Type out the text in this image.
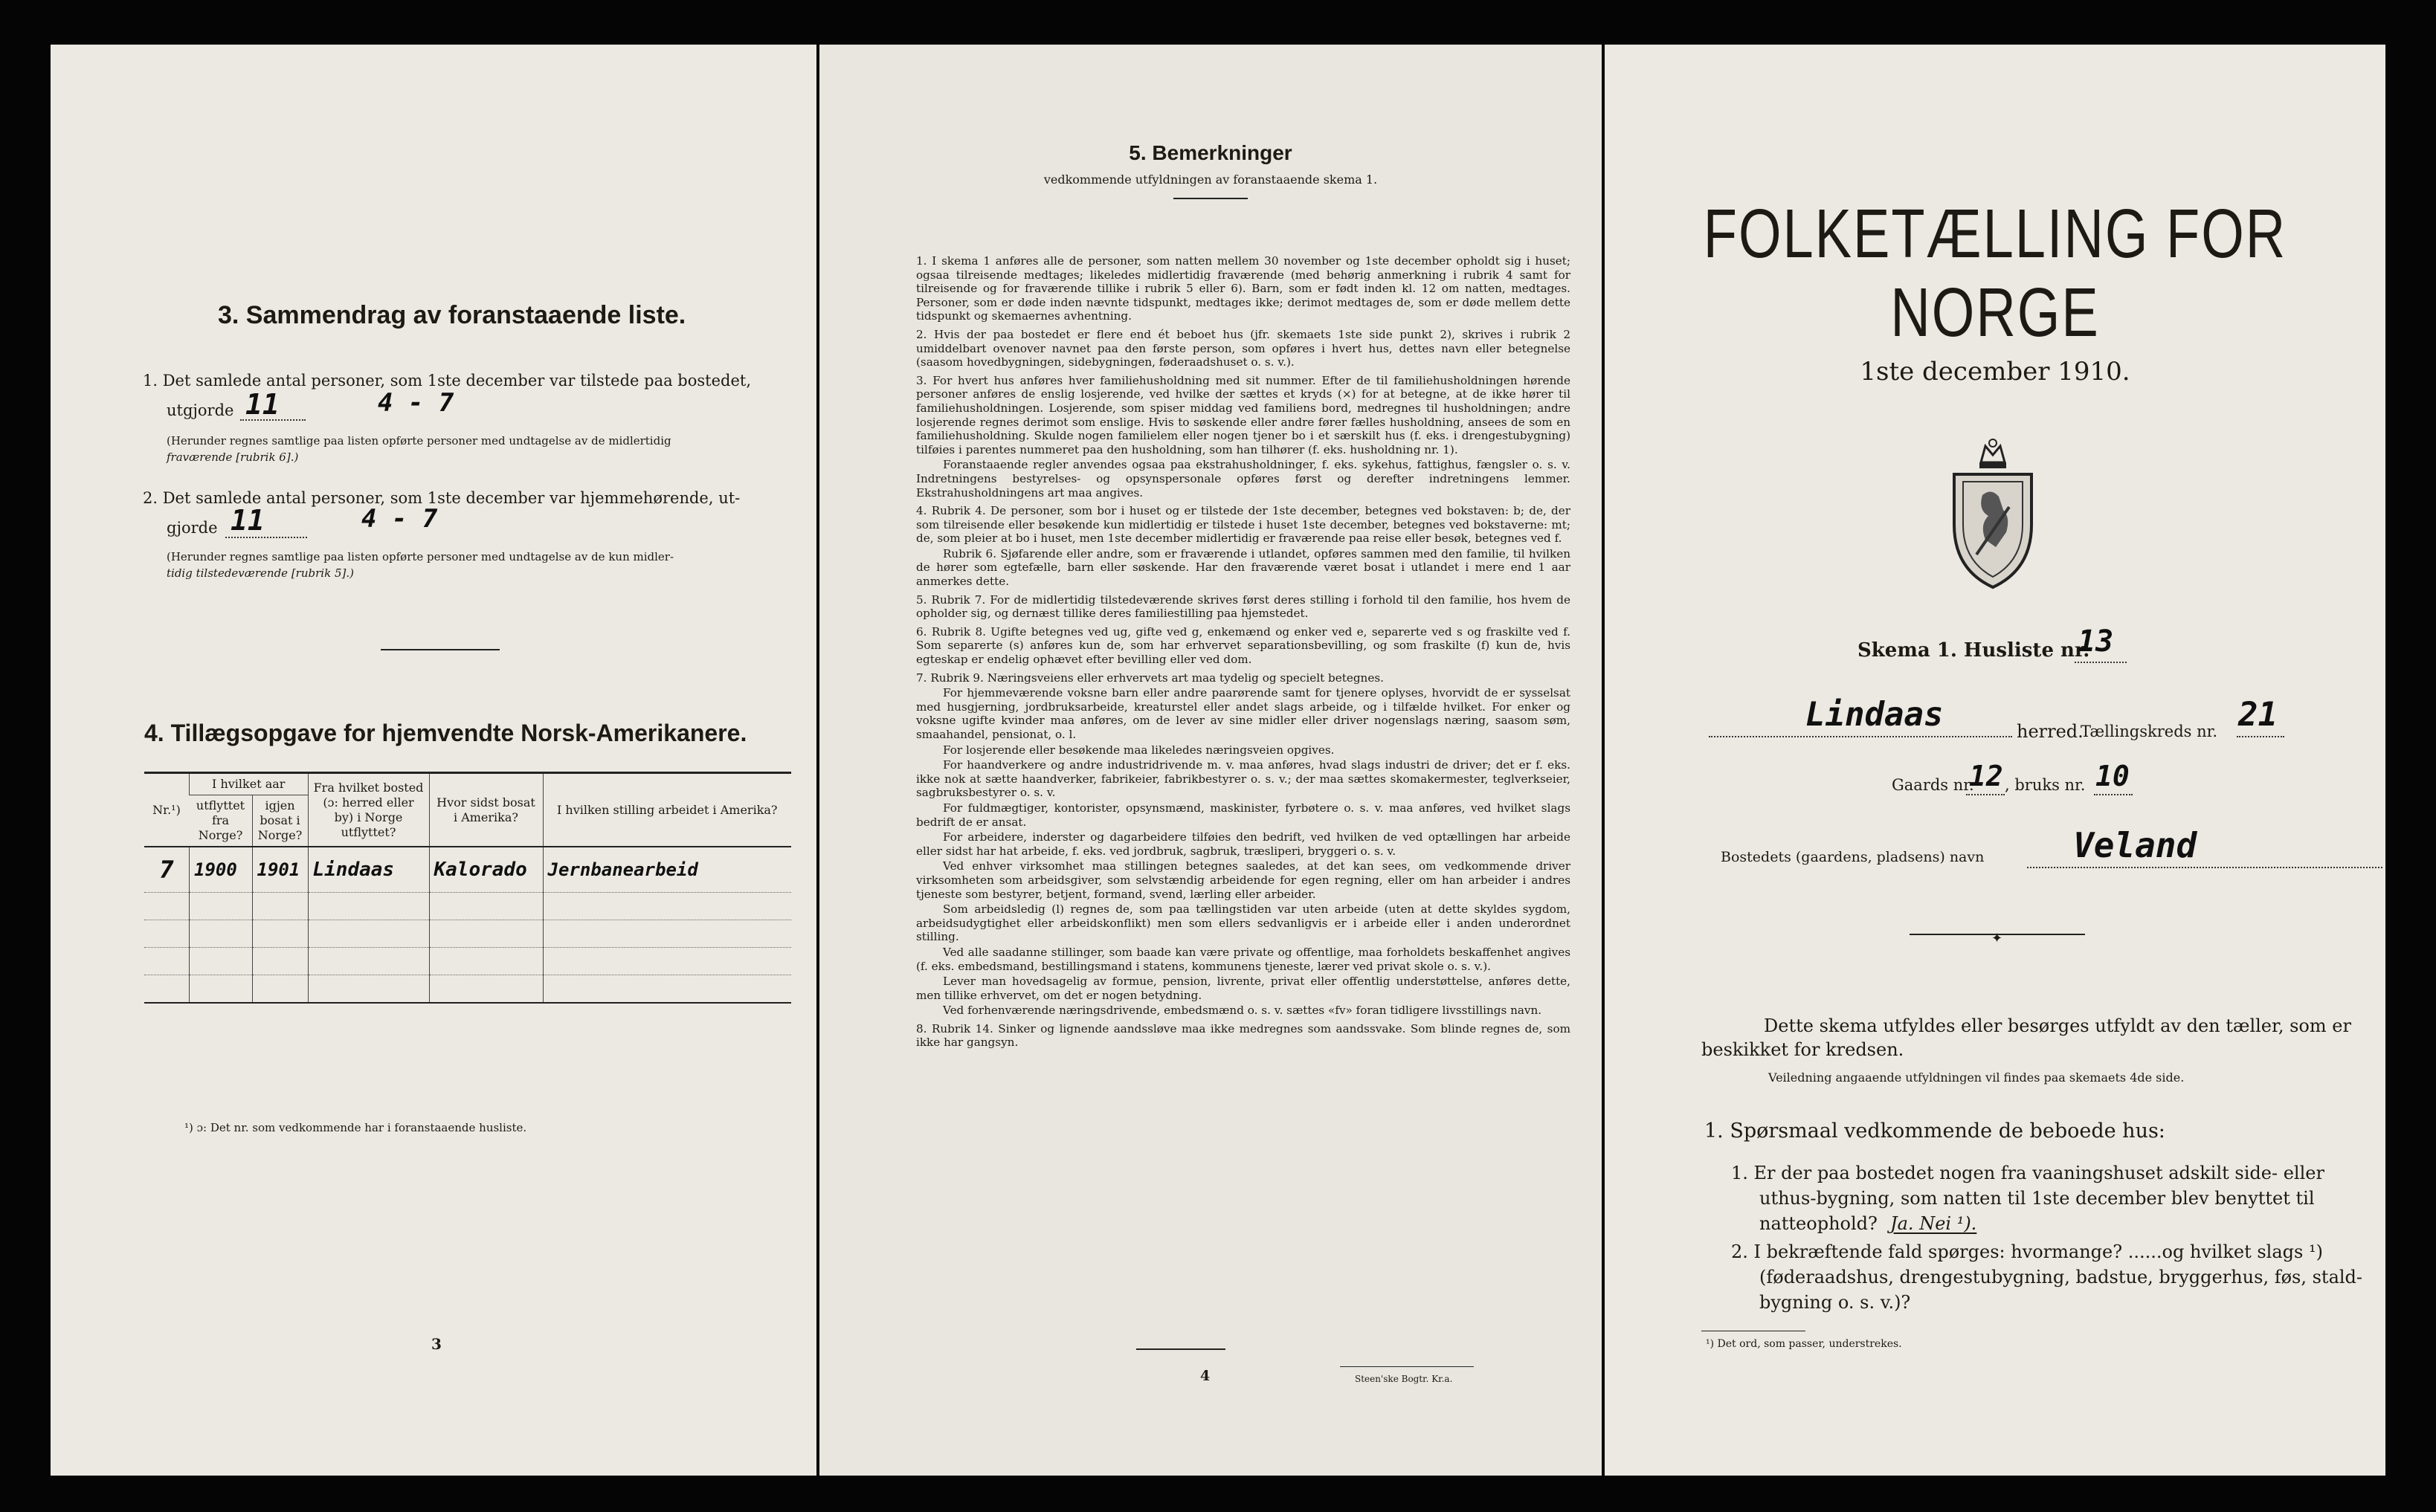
3. Sammendrag av foranstaaende liste.
1. Det samlede antal personer, som 1ste december var tilstede paa bostedet,
utgjorde 11	4 - 7
(Herunder regnes samtlige paa listen opførte personer med undtagelse av de midlertidig
fraværende [rubrik 6].)
2. Det samlede antal personer, som 1ste december var hjemmehørende, ut-
gjorde 11	4 - 7
(Herunder regnes samtlige paa listen opførte personer med undtagelse av de kun midler-
tidig tilstedeværende [rubrik 5].)
4. Tillægsopgave for hjemvendte Norsk-Amerikanere.
Nr.¹)	I hvilket aar		Fra hvilket bosted (ɔ: herred eller by) i Norge utflyttet?	Hvor sidst bosat i Amerika?	I hvilken stilling arbeidet i Amerika?
	utflyttet fra Norge?	igjen bosat i Norge?			
7	1900	1901	Lindaas	Kalorado	Jernbanearbeid

¹) ɔ: Det nr. som vedkommende har i foranstaaende husliste.
3
5. Bemerkninger
vedkommende utfyldningen av foranstaaende skema 1.

1. I skema 1 anføres alle de personer, som natten mellem 30 november og 1ste december opholdt sig i huset; ogsaa tilreisende medtages; likeledes midlertidig fraværende (med behørig anmerkning i rubrik 4 samt for tilreisende og for fraværende tillike i rubrik 5 eller 6). Barn, som er født inden kl. 12 om natten, medtages. Personer, som er døde inden nævnte tidspunkt, medtages ikke; derimot medtages de, som er døde mellem dette tidspunkt og skemaernes avhentning.

2. Hvis der paa bostedet er flere end ét beboet hus (jfr. skemaets 1ste side punkt 2), skrives i rubrik 2 umiddelbart ovenover navnet paa den første person, som opføres i hvert hus, dettes navn eller betegnelse (saasom hovedbygningen, sidebygningen, føderaadshuset o. s. v.).

3. For hvert hus anføres hver familiehusholdning med sit nummer. Efter de til familiehusholdningen hørende personer anføres de enslig losjerende, ved hvilke der sættes et kryds (×) for at betegne, at de ikke hører til familiehusholdningen. Losjerende, som spiser middag ved familiens bord, medregnes til husholdningen; andre losjerende regnes derimot som enslige. Hvis to søskende eller andre fører fælles husholdning, ansees de som en familiehusholdning. Skulde nogen familielem eller nogen tjener bo i et særskilt hus (f. eks. i drengestubygning) tilføies i parentes nummeret paa den husholdning, som han tilhører (f. eks. husholdning nr. 1).

Foranstaaende regler anvendes ogsaa paa ekstrahusholdninger, f. eks. sykehus, fattighus, fængsler o. s. v. Indretningens bestyrelses- og opsynspersonale opføres først og derefter indretningens lemmer. Ekstrahusholdningens art maa angives.

4. Rubrik 4. De personer, som bor i huset og er tilstede der 1ste december, betegnes ved bokstaven: b; de, der som tilreisende eller besøkende kun midlertidig er tilstede i huset 1ste december, betegnes ved bokstaverne: mt; de, som pleier at bo i huset, men 1ste december midlertidig er fraværende paa reise eller besøk, betegnes ved f.

Rubrik 6. Sjøfarende eller andre, som er fraværende i utlandet, opføres sammen med den familie, til hvilken de hører som egtefælle, barn eller søskende. Har den fraværende været bosat i utlandet i mere end 1 aar anmerkes dette.

5. Rubrik 7. For de midlertidig tilstedeværende skrives først deres stilling i forhold til den familie, hos hvem de opholder sig, og dernæst tillike deres familiestilling paa hjemstedet.

6. Rubrik 8. Ugifte betegnes ved ug, gifte ved g, enkemænd og enker ved e, separerte ved s og fraskilte ved f. Som separerte (s) anføres kun de, som har erhvervet separationsbevilling, og som fraskilte (f) kun de, hvis egteskap er endelig ophævet efter bevilling eller ved dom.

7. Rubrik 9. Næringsveiens eller erhvervets art maa tydelig og specielt betegnes.

For hjemmeværende voksne barn eller andre paarørende samt for tjenere oplyses, hvorvidt de er sysselsat med husgjerning, jordbruksarbeide, kreaturstel eller andet slags arbeide, og i tilfælde hvilket. For enker og voksne ugifte kvinder maa anføres, om de lever av sine midler eller driver nogenslags næring, saasom søm, smaahandel, pensionat, o. l.

For losjerende eller besøkende maa likeledes næringsveien opgives.

For haandverkere og andre industridrivende m. v. maa anføres, hvad slags industri de driver; det er f. eks. ikke nok at sætte haandverker, fabrikeier, fabrikbestyrer o. s. v.; der maa sættes skomakermester, teglverkseier, sagbruksbestyrer o. s. v.

For fuldmægtiger, kontorister, opsynsmænd, maskinister, fyrbøtere o. s. v. maa anføres, ved hvilket slags bedrift de er ansat.

For arbeidere, inderster og dagarbeidere tilføies den bedrift, ved hvilken de ved optællingen har arbeide eller sidst har hat arbeide, f. eks. ved jordbruk, sagbruk, træsliperi, bryggeri o. s. v.

Ved enhver virksomhet maa stillingen betegnes saaledes, at det kan sees, om vedkommende driver virksomheten som arbeidsgiver, som selvstændig arbeidende for egen regning, eller om han arbeider i andres tjeneste som bestyrer, betjent, formand, svend, lærling eller arbeider.

Som arbeidsledig (l) regnes de, som paa tællingstiden var uten arbeide (uten at dette skyldes sygdom, arbeidsudygtighet eller arbeidskonflikt) men som ellers sedvanligvis er i arbeide eller i anden underordnet stilling.

Ved alle saadanne stillinger, som baade kan være private og offentlige, maa forholdets beskaffenhet angives (f. eks. embedsmand, bestillingsmand i statens, kommunens tjeneste, lærer ved privat skole o. s. v.).

Lever man hovedsagelig av formue, pension, livrente, privat eller offentlig understøttelse, anføres dette, men tillike erhvervet, om det er nogen betydning.

Ved forhenværende næringsdrivende, embedsmænd o. s. v. sættes «fv» foran tidligere livsstillings navn.

8. Rubrik 14. Sinker og lignende aandssløve maa ikke medregnes som aandssvake. Som blinde regnes de, som ikke har gangsyn.

4	Steen'ske Bogtr. Kr.a.
FOLKETÆLLING FOR NORGE
1ste december 1910.
Skema 1. Husliste nr.
13
Lindaas	herred.
Tællingskreds nr. 21
Gaards nr.
12 , bruks nr. 10
Bostedets (gaardens, pladsens) navn	Veland
✦
Dette skema utfyldes eller besørges utfyldt av den tæller, som er
beskikket for kredsen.
Veiledning angaaende utfyldningen vil findes paa skemaets 4de side.
1. Spørsmaal vedkommende de beboede hus:
1. Er der paa bostedet nogen fra vaaningshuset adskilt side- eller
uthus-bygning, som natten til 1ste december blev benyttet til
natteophold? Ja. Nei ¹).
2. I bekræftende fald spørges: hvormange? ......og hvilket slags ¹)
(føderaadshus, drengestubygning, badstue, bryggerhus, føs, stald-
bygning o. s. v.)?
¹) Det ord, som passer, understrekes.
